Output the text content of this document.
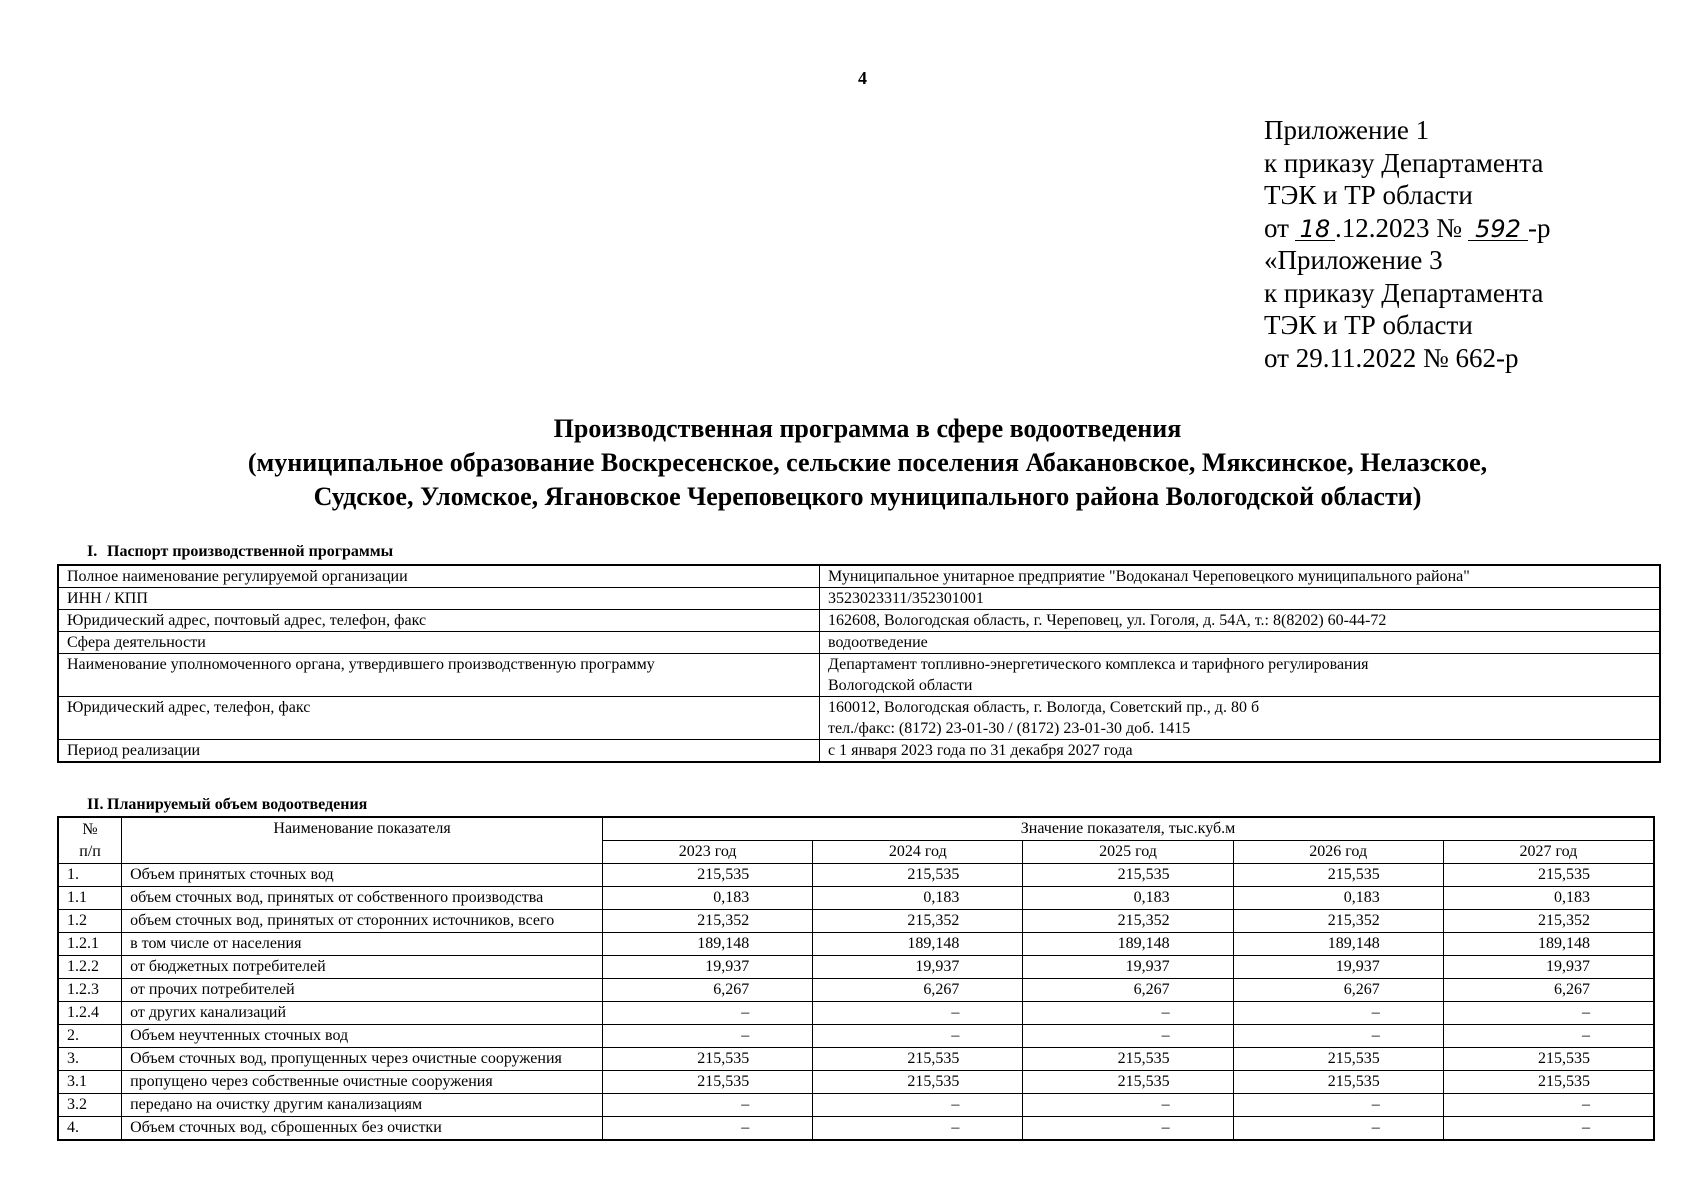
4
Приложение 1
к приказу Департамента
ТЭК и ТР области
от 18 .12.2023 № 592 -р
«Приложение 3
к приказу Департамента
ТЭК и ТР области
от 29.11.2022 № 662-р
Производственная программа в сфере водоотведения
(муниципальное образование Воскресенское, сельские поселения Абакановское, Мяксинское, Нелазское,
Судское, Уломское, Ягановское Череповецкого муниципального района Вологодской области)
I. Паспорт производственной программы
Полное наименование регулируемой организации	Муниципальное унитарное предприятие "Водоканал Череповецкого муниципального района"

ИНН / КПП	3523023311/352301001

Юридический адрес, почтовый адрес, телефон, факс	162608, Вологодская область, г. Череповец, ул. Гоголя, д. 54А, т.: 8(8202) 60-44-72

Сфера деятельности	водоотведение

Наименование уполномоченного органа, утвердившего производственную программу	Департамент топливно-энергетического комплекса и тарифного регулирования
Вологодской области

Юридический адрес, телефон, факс	160012, Вологодская область, г. Вологда, Советский пр., д. 80 б
тел./факс: (8172) 23-01-30 / (8172) 23-01-30 доб. 1415

Период реализации	с 1 января 2023 года по 31 декабря 2027 года
II. Планируемый объем водоотведения
№
п/п	Наименование показателя	Значение показателя, тыс.куб.м				
		2023 год	2024 год	2025 год	2026 год	2027 год
1.	Объем принятых сточных вод	215,535	215,535	215,535	215,535	215,535
1.1	объем сточных вод, принятых от собственного производства	0,183	0,183	0,183	0,183	0,183
1.2	объем сточных вод, принятых от сторонних источников, всего	215,352	215,352	215,352	215,352	215,352
1.2.1	в том числе от населения	189,148	189,148	189,148	189,148	189,148
1.2.2	от бюджетных потребителей	19,937	19,937	19,937	19,937	19,937
1.2.3	от прочих потребителей	6,267	6,267	6,267	6,267	6,267
1.2.4	от других канализаций	–	–	–	–	–
2.	Объем неучтенных сточных вод	–	–	–	–	–
3.	Объем сточных вод, пропущенных через очистные сооружения	215,535	215,535	215,535	215,535	215,535
3.1	пропущено через собственные очистные сооружения	215,535	215,535	215,535	215,535	215,535
3.2	передано на очистку другим канализациям	–	–	–	–	–
4.	Объем сточных вод, сброшенных без очистки	–	–	–	–	–
